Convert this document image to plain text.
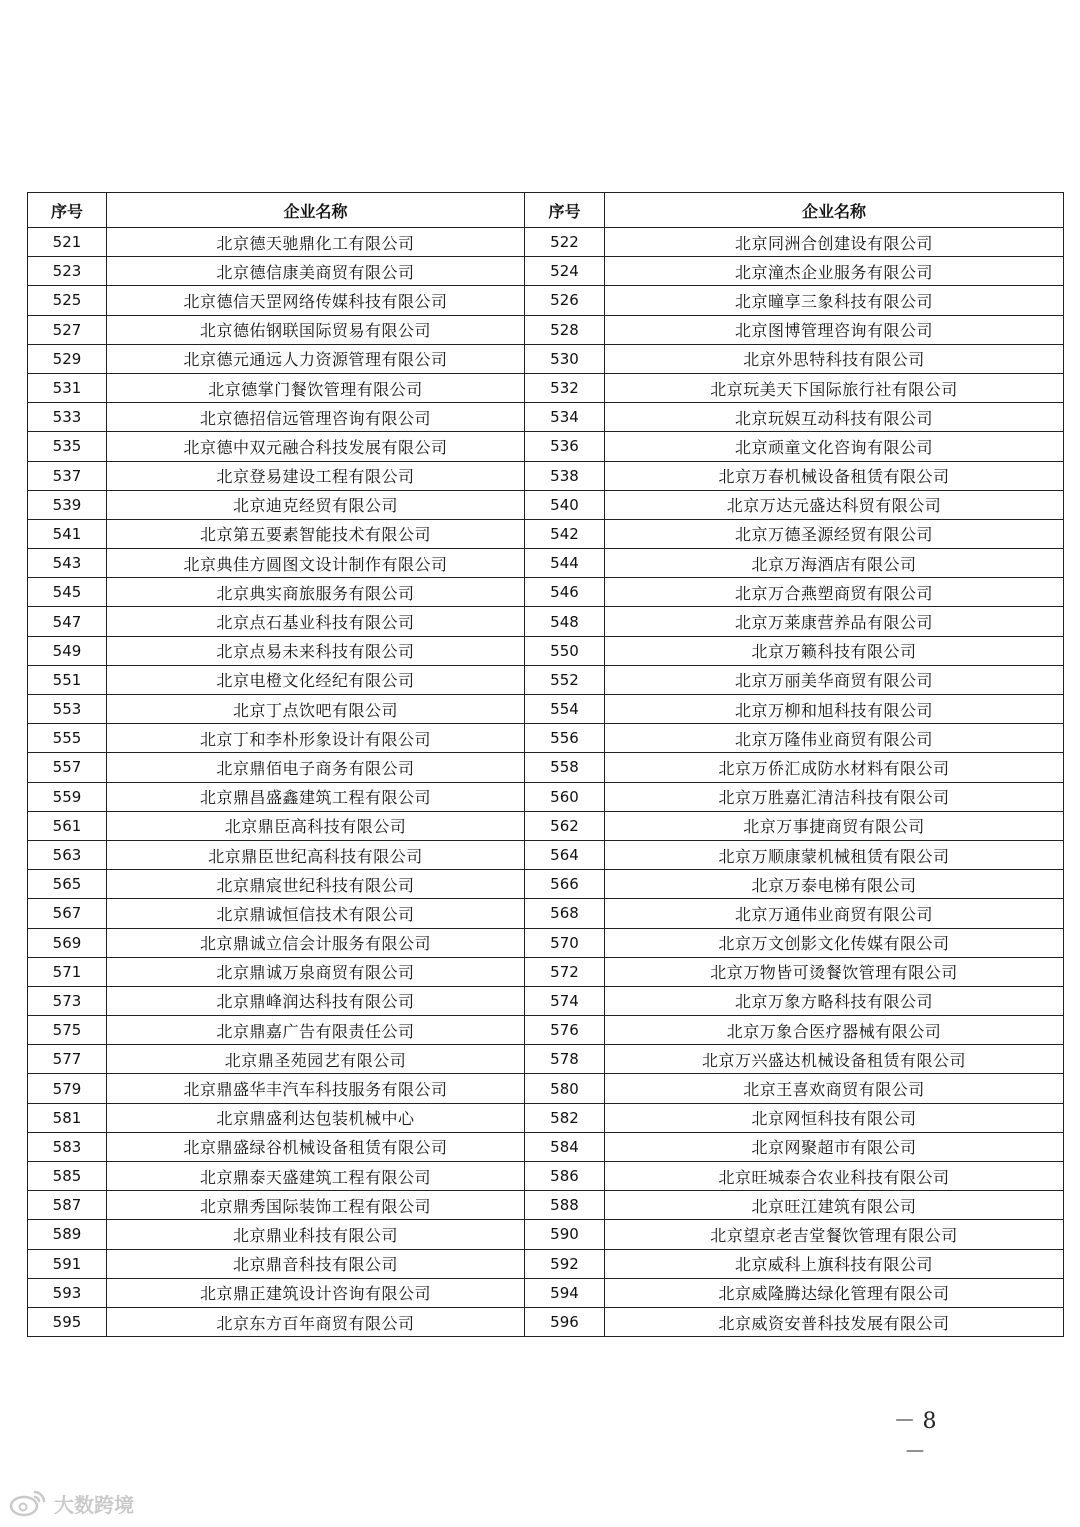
序号	企业名称	序号	企业名称
521	北京德天驰鼎化工有限公司	522	北京同洲合创建设有限公司
523	北京德信康美商贸有限公司	524	北京潼杰企业服务有限公司
525	北京德信天罡网络传媒科技有限公司	526	北京曈享三象科技有限公司
527	北京德佑钢联国际贸易有限公司	528	北京图博管理咨询有限公司
529	北京德元通远人力资源管理有限公司	530	北京外思特科技有限公司
531	北京德掌门餐饮管理有限公司	532	北京玩美天下国际旅行社有限公司
533	北京德招信远管理咨询有限公司	534	北京玩娱互动科技有限公司
535	北京德中双元融合科技发展有限公司	536	北京顽童文化咨询有限公司
537	北京登易建设工程有限公司	538	北京万春机械设备租赁有限公司
539	北京迪克经贸有限公司	540	北京万达元盛达科贸有限公司
541	北京第五要素智能技术有限公司	542	北京万德圣源经贸有限公司
543	北京典佳方圆图文设计制作有限公司	544	北京万海酒店有限公司
545	北京典实商旅服务有限公司	546	北京万合燕塑商贸有限公司
547	北京点石基业科技有限公司	548	北京万莱康营养品有限公司
549	北京点易未来科技有限公司	550	北京万籁科技有限公司
551	北京电橙文化经纪有限公司	552	北京万丽美华商贸有限公司
553	北京丁点饮吧有限公司	554	北京万柳和旭科技有限公司
555	北京丁和李朴形象设计有限公司	556	北京万隆伟业商贸有限公司
557	北京鼎佰电子商务有限公司	558	北京万侨汇成防水材料有限公司
559	北京鼎昌盛鑫建筑工程有限公司	560	北京万胜嘉汇清洁科技有限公司
561	北京鼎臣高科技有限公司	562	北京万事捷商贸有限公司
563	北京鼎臣世纪高科技有限公司	564	北京万顺康蒙机械租赁有限公司
565	北京鼎宸世纪科技有限公司	566	北京万泰电梯有限公司
567	北京鼎诚恒信技术有限公司	568	北京万通伟业商贸有限公司
569	北京鼎诚立信会计服务有限公司	570	北京万文创影文化传媒有限公司
571	北京鼎诚万泉商贸有限公司	572	北京万物皆可烫餐饮管理有限公司
573	北京鼎峰润达科技有限公司	574	北京万象方略科技有限公司
575	北京鼎嘉广告有限责任公司	576	北京万象合医疗器械有限公司
577	北京鼎圣苑园艺有限公司	578	北京万兴盛达机械设备租赁有限公司
579	北京鼎盛华丰汽车科技服务有限公司	580	北京王喜欢商贸有限公司
581	北京鼎盛利达包装机械中心	582	北京网恒科技有限公司
583	北京鼎盛绿谷机械设备租赁有限公司	584	北京网聚超市有限公司
585	北京鼎泰天盛建筑工程有限公司	586	北京旺城泰合农业科技有限公司
587	北京鼎秀国际装饰工程有限公司	588	北京旺江建筑有限公司
589	北京鼎业科技有限公司	590	北京望京老吉堂餐饮管理有限公司
591	北京鼎音科技有限公司	592	北京威科上旗科技有限公司
593	北京鼎正建筑设计咨询有限公司	594	北京威隆腾达绿化管理有限公司
595	北京东方百年商贸有限公司	596	北京威资安普科技发展有限公司
－ 8 －
大数跨境
